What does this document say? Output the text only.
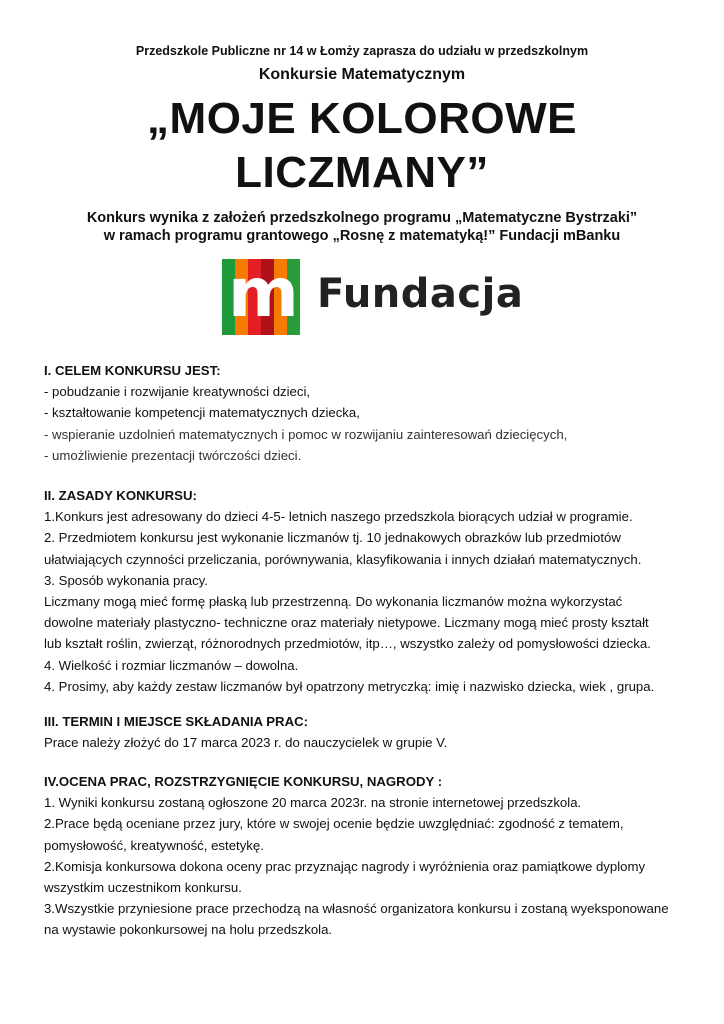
Przedszkole Publiczne nr 14 w Łomży zaprasza do udziału w przedszkolnym
Konkursie Matematycznym
„MOJE KOLOROWE
LICZMANY”
Konkurs wynika z założeń przedszkolnego programu „Matematyczne Bystrzaki”
w ramach programu grantowego „Rosnę z matematyką!” Fundacji mBanku
m Fundacja
I. CELEM KONKURSU JEST:
- pobudzanie i rozwijanie kreatywności dzieci,
- kształtowanie kompetencji matematycznych dziecka,
- wspieranie uzdolnień matematycznych i pomoc w rozwijaniu zainteresowań dziecięcych,
- umożliwienie prezentacji twórczości dzieci.
II. ZASADY KONKURSU:
1.Konkurs jest adresowany do dzieci 4-5- letnich naszego przedszkola biorących udział w programie.
2. Przedmiotem konkursu jest wykonanie liczmanów tj. 10 jednakowych obrazków lub przedmiotów
ułatwiających czynności przeliczania, porównywania, klasyfikowania i innych działań matematycznych.
3. Sposób wykonania pracy.
Liczmany mogą mieć formę płaską lub przestrzenną. Do wykonania liczmanów można wykorzystać
dowolne materiały plastyczno- techniczne oraz materiały nietypowe. Liczmany mogą mieć prosty kształt
lub kształt roślin, zwierząt, różnorodnych przedmiotów, itp…, wszystko zależy od pomysłowości dziecka.
4. Wielkość i rozmiar liczmanów – dowolna.
4. Prosimy, aby każdy zestaw liczmanów był opatrzony metryczką: imię i nazwisko dziecka, wiek , grupa.
III. TERMIN I MIEJSCE SKŁADANIA PRAC:
Prace należy złożyć do 17 marca 2023 r. do nauczycielek w grupie V.
IV.OCENA PRAC, ROZSTRZYGNIĘCIE KONKURSU, NAGRODY :
1. Wyniki konkursu zostaną ogłoszone 20 marca 2023r. na stronie internetowej przedszkola.
2.Prace będą oceniane przez jury, które w swojej ocenie będzie uwzględniać: zgodność z tematem,
pomysłowość, kreatywność, estetykę.
2.Komisja konkursowa dokona oceny prac przyznając nagrody i wyróżnienia oraz pamiątkowe dyplomy
wszystkim uczestnikom konkursu.
3.Wszystkie przyniesione prace przechodzą na własność organizatora konkursu i zostaną wyeksponowane
na wystawie pokonkursowej na holu przedszkola.
